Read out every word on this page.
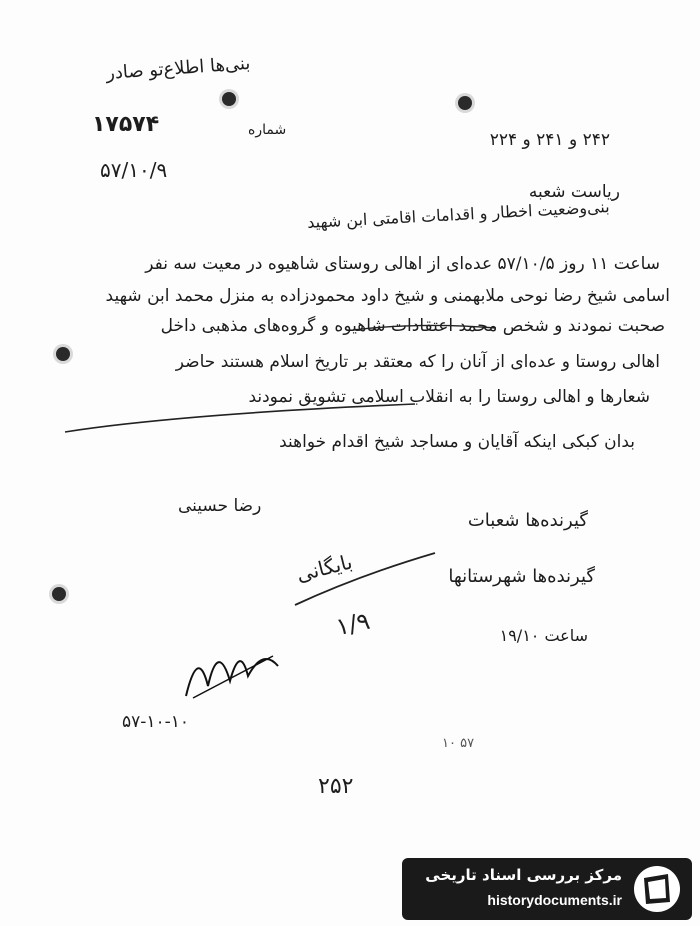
بنی‌ها اطلاع‌تو صادر
شماره
۱۷۵۷۴
۵۷/۱۰/۹
۲۴۲ و ۲۴۱ و ۲۲۴
ریاست شعبه
بنی‌وضعیت اخطار و اقدامات اقامتی ابن شهید
ساعت ۱۱ روز ۵۷/۱۰/۵ عده‌ای از اهالی روستای شاهیوه در معیت سه نفر
اسامی شیخ رضا نوحی ملابهمنی و شیخ داود محمودزاده به منزل محمد ابن شهید
صحبت نمودند و شخص محمد اعتقادات شاهیوه و گروه‌های مذهبی داخل
اهالی روستا و عده‌ای از آنان را که معتقد بر تاریخ اسلام هستند حاضر
شعارها و اهالی روستا را به انقلاب اسلامی تشویق نمودند
بدان کبکی اینکه آقایان و مساجد شیخ اقدام خواهند
رضا حسینی
گیرنده‌ها شعبات
گیرنده‌ها شهرستانها
ساعت ۱۹/۱۰
بایگانی
۱/۹
۵۷-۱۰-۱۰
۵۷ ۱۰
۲۵۲
مرکز بررسی اسناد تاریخی
historydocuments.ir
